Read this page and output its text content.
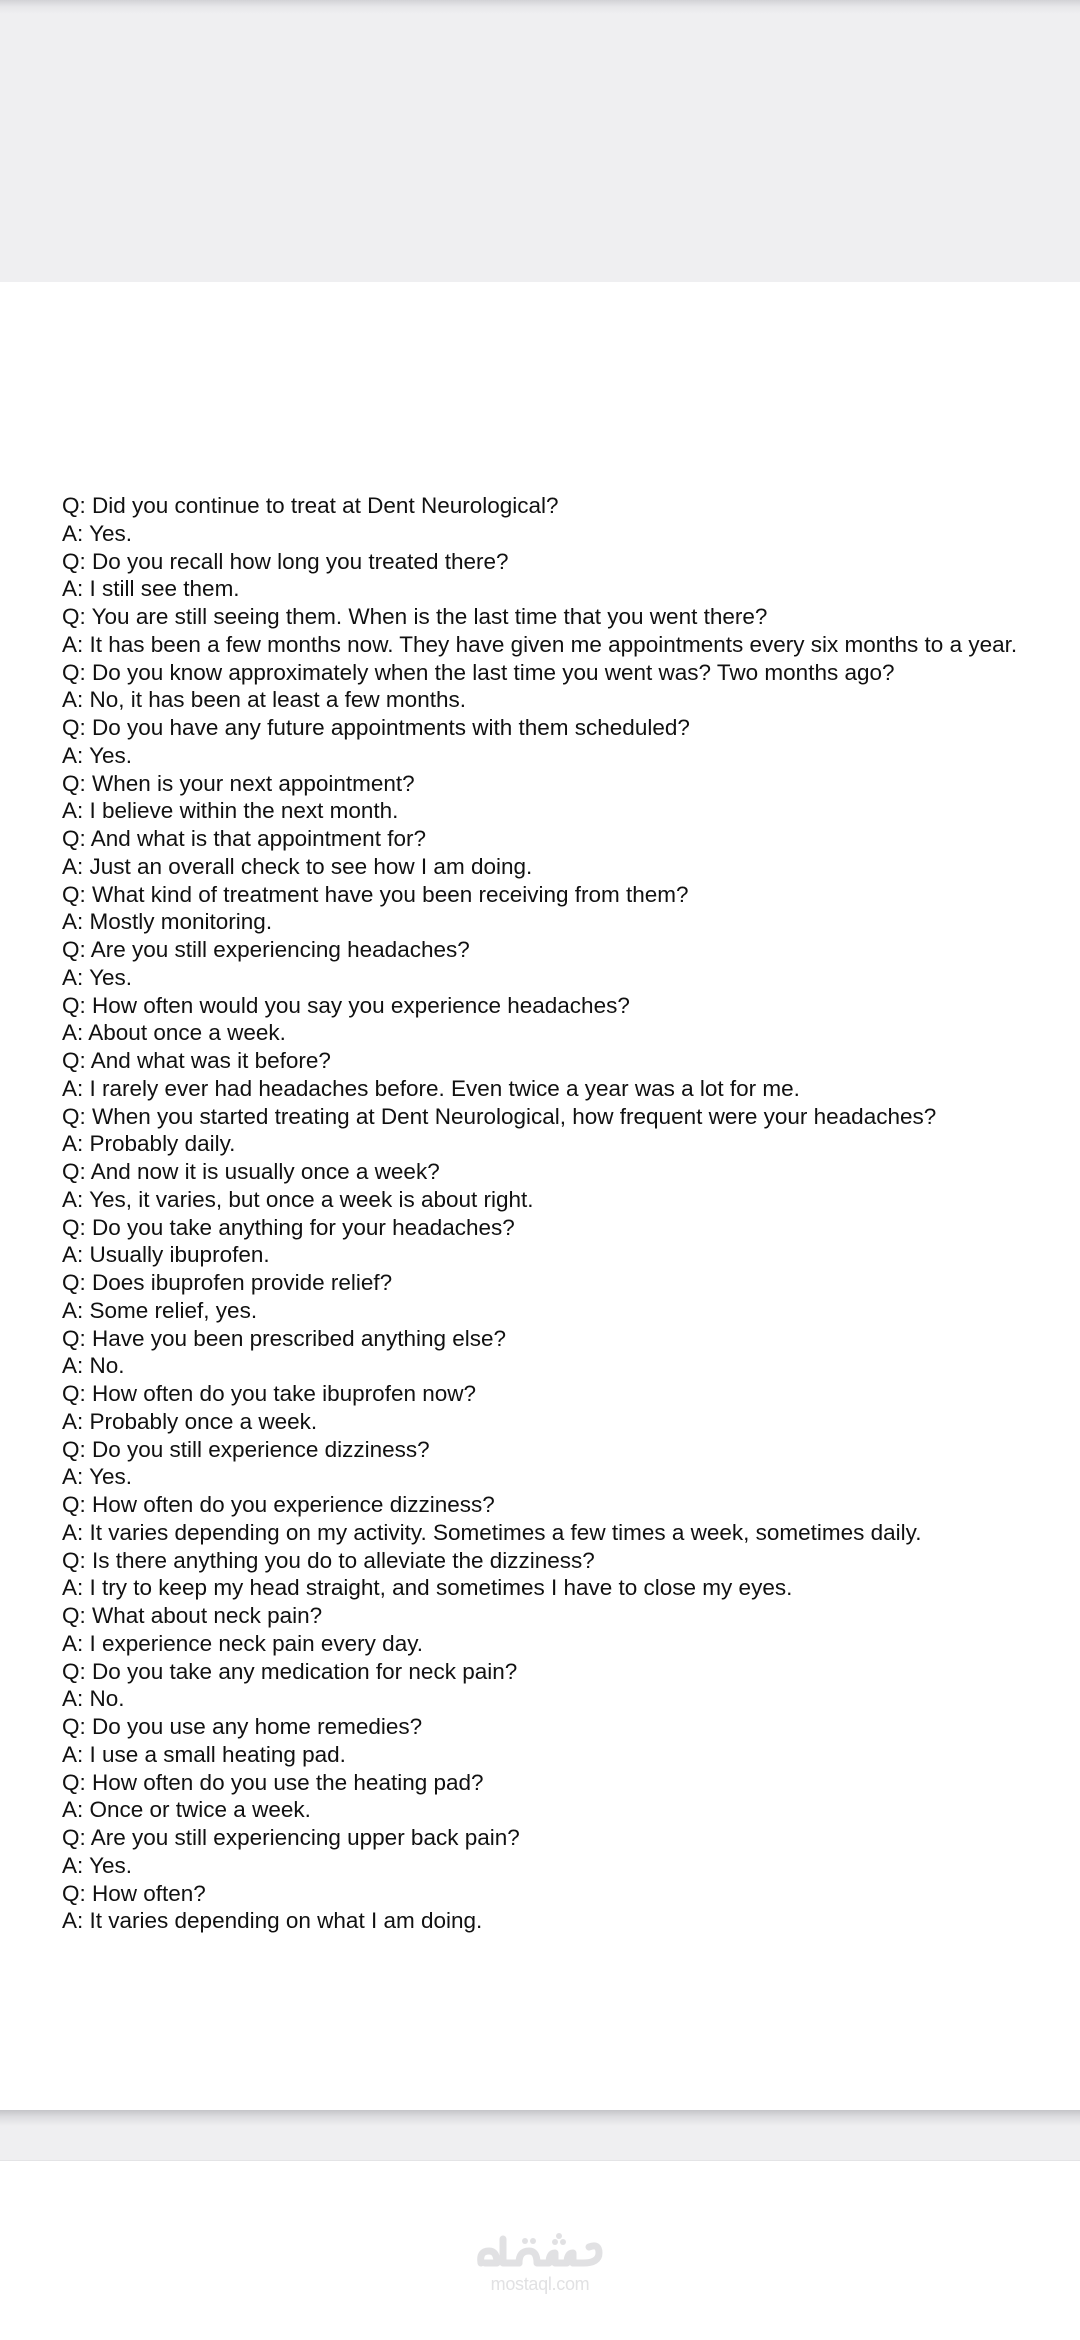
Q: Did you continue to treat at Dent Neurological?
A: Yes.
Q: Do you recall how long you treated there?
A: I still see them.
Q: You are still seeing them. When is the last time that you went there?
A: It has been a few months now. They have given me appointments every six months to a year.
Q: Do you know approximately when the last time you went was? Two months ago?
A: No, it has been at least a few months.
Q: Do you have any future appointments with them scheduled?
A: Yes.
Q: When is your next appointment?
A: I believe within the next month.
Q: And what is that appointment for?
A: Just an overall check to see how I am doing.
Q: What kind of treatment have you been receiving from them?
A: Mostly monitoring.
Q: Are you still experiencing headaches?
A: Yes.
Q: How often would you say you experience headaches?
A: About once a week.
Q: And what was it before?
A: I rarely ever had headaches before. Even twice a year was a lot for me.
Q: When you started treating at Dent Neurological, how frequent were your headaches?
A: Probably daily.
Q: And now it is usually once a week?
A: Yes, it varies, but once a week is about right.
Q: Do you take anything for your headaches?
A: Usually ibuprofen.
Q: Does ibuprofen provide relief?
A: Some relief, yes.
Q: Have you been prescribed anything else?
A: No.
Q: How often do you take ibuprofen now?
A: Probably once a week.
Q: Do you still experience dizziness?
A: Yes.
Q: How often do you experience dizziness?
A: It varies depending on my activity. Sometimes a few times a week, sometimes daily.
Q: Is there anything you do to alleviate the dizziness?
A: I try to keep my head straight, and sometimes I have to close my eyes.
Q: What about neck pain?
A: I experience neck pain every day.
Q: Do you take any medication for neck pain?
A: No.
Q: Do you use any home remedies?
A: I use a small heating pad.
Q: How often do you use the heating pad?
A: Once or twice a week.
Q: Are you still experiencing upper back pain?
A: Yes.
Q: How often?
A: It varies depending on what I am doing.
mostaql.com
